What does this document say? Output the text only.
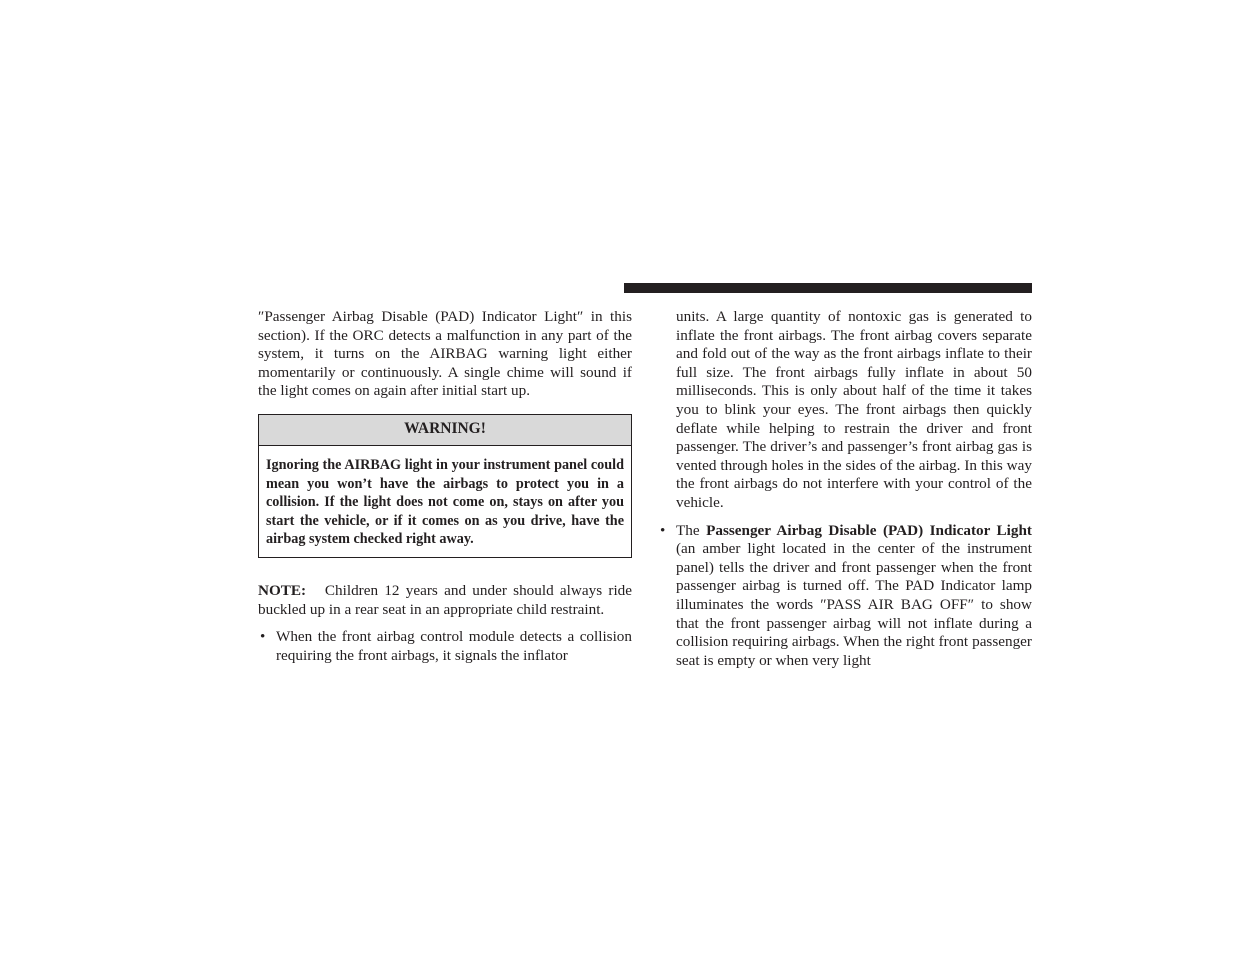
″Passenger Airbag Disable (PAD) Indicator Light″ in this section). If the ORC detects a malfunction in any part of the system, it turns on the AIRBAG warning light either momentarily or continuously. A single chime will sound if the light comes on again after initial start up.

WARNING!
Ignoring the AIRBAG light in your instrument panel could mean you won’t have the airbags to protect you in a collision. If the light does not come on, stays on after you start the vehicle, or if it comes on as you drive, have the airbag system checked right away.

NOTE: Children 12 years and under should always ride buckled up in a rear seat in an appropriate child restraint.

• When the front airbag control module detects a collision requiring the front airbags, it signals the inflator

units. A large quantity of nontoxic gas is generated to inflate the front airbags. The front airbag covers separate and fold out of the way as the front airbags inflate to their full size. The front airbags fully inflate in about 50 milliseconds. This is only about half of the time it takes you to blink your eyes. The front airbags then quickly deflate while helping to restrain the driver and front passenger. The driver’s and passenger’s front airbag gas is vented through holes in the sides of the airbag. In this way the front airbags do not interfere with your control of the vehicle.

• The Passenger Airbag Disable (PAD) Indicator Light (an amber light located in the center of the instrument panel) tells the driver and front passenger when the front passenger airbag is turned off. The PAD Indicator lamp illuminates the words ″PASS AIR BAG OFF″ to show that the front passenger airbag will not inflate during a collision requiring airbags. When the right front passenger seat is empty or when very light
